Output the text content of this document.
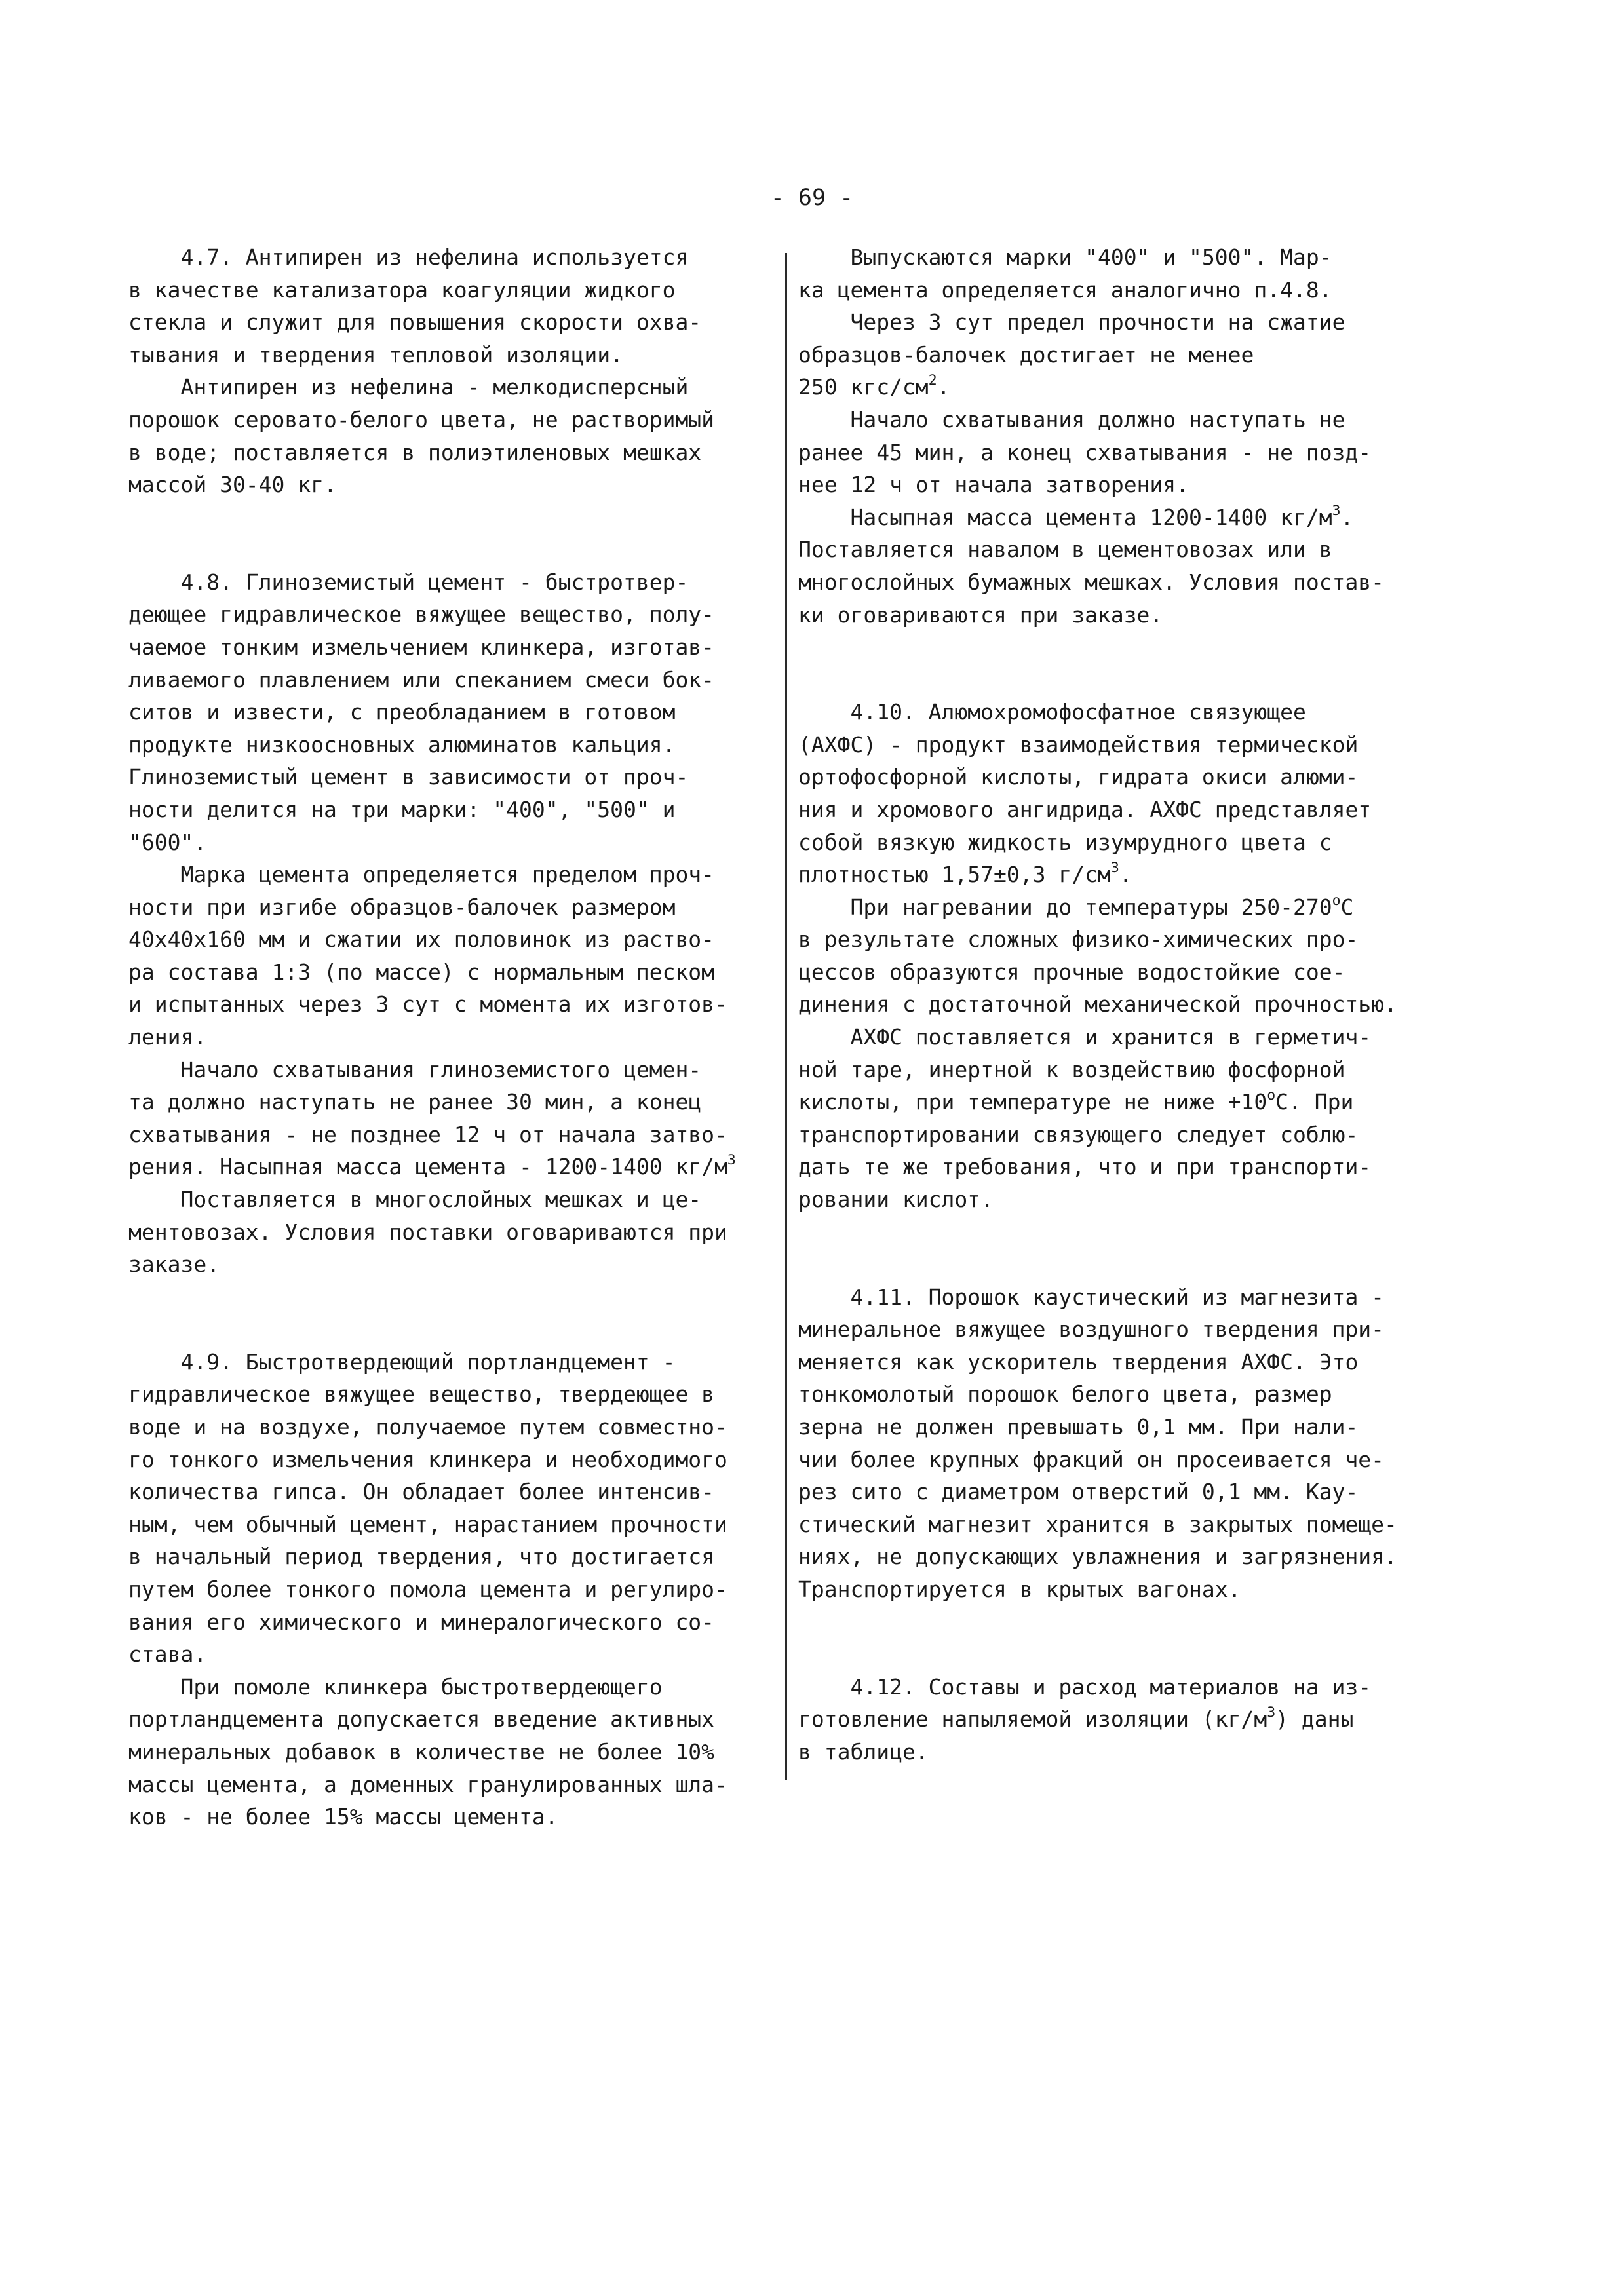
- 69 -
4.7. Антипирен из нефелина используется
в качестве катализатора коагуляции жидкого
стекла и служит для повышения скорости охва-
тывания и твердения тепловой изоляции.
Антипирен из нефелина - мелкодисперсный
порошок серовато-белого цвета, не растворимый
в воде; поставляется в полиэтиленовых мешках
массой 30-40 кг.
4.8. Глиноземистый цемент - быстротвер-
деющее гидравлическое вяжущее вещество, полу-
чаемое тонким измельчением клинкера, изготав-
ливаемого плавлением или спеканием смеси бок-
ситов и извести, с преобладанием в готовом
продукте низкоосновных алюминатов кальция.
Глиноземистый цемент в зависимости от проч-
ности делится на три марки: "400", "500" и
"600".
Марка цемента определяется пределом проч-
ности при изгибе образцов-балочек размером
40x40x160 мм и сжатии их половинок из раство-
ра состава 1:3 (по массе) с нормальным песком
и испытанных через 3 сут с момента их изготов-
ления.
Начало схватывания глиноземистого цемен-
та должно наступать не ранее 30 мин, а конец
схватывания - не позднее 12 ч от начала затво-
рения. Насыпная масса цемента - 1200-1400 $кг/м^3$
Поставляется в многослойных мешках и це-
ментовозах. Условия поставки оговариваются при
заказе.
4.9. Быстротвердеющий портландцемент -
гидравлическое вяжущее вещество, твердеющее в
воде и на воздухе, получаемое путем совместно-
го тонкого измельчения клинкера и необходимого
количества гипса. Он обладает более интенсив-
ным, чем обычный цемент, нарастанием прочности
в начальный период твердения, что достигается
путем более тонкого помола цемента и регулиро-
вания его химического и минералогического со-
става.
При помоле клинкера быстротвердеющего
портландцемента допускается введение активных
минеральных добавок в количестве не более 10%
массы цемента, а доменных гранулированных шла-
ков - не более 15% массы цемента.
Выпускаются марки "400" и "500". Мар-
ка цемента определяется аналогично п.4.8.
Через 3 сут предел прочности на сжатие
образцов-балочек достигает не менее
250 кгс/$см^2$.
Начало схватывания должно наступать не
ранее 45 мин, а конец схватывания - не позд-
нее 12 ч от начала затворения.
Насыпная масса цемента 1200-1400 $кг/м^3$.
Поставляется навалом в цементовозах или в
многослойных бумажных мешках. Условия постав-
ки оговариваются при заказе.
4.10. Алюмохромофосфатное связующее
(АХФС) - продукт взаимодействия термической
ортофосфорной кислоты, гидрата окиси алюми-
ния и хромового ангидрида. АХФС представляет
собой вязкую жидкость изумрудного цвета с
плотностью 1,57±0,3 $г/см^3$.
При нагревании до температуры 250-270$^o$C
в результате сложных физико-химических про-
цессов образуются прочные водостойкие сое-
динения с достаточной механической прочностью.
АХФС поставляется и хранится в герметич-
ной таре, инертной к воздействию фосфорной
кислоты, при температуре не ниже $+10^oC$. При
транспортировании связующего следует соблю-
дать те же требования, что и при транспорти-
ровании кислот.
4.11. Порошок каустический из магнезита -
минеральное вяжущее воздушного твердения при-
меняется как ускоритель твердения АХФС. Это
тонкомолотый порошок белого цвета, размер
зерна не должен превышать 0,1 мм. При нали-
чии более крупных фракций он просеивается че-
рез сито с диаметром отверстий 0,1 мм. Кау-
стический магнезит хранится в закрытых помеще-
ниях, не допускающих увлажнения и загрязнения.
Транспортируется в крытых вагонах.
4.12. Составы и расход материалов на из-
готовление напыляемой изоляции $(кг/м^3)$ даны
в таблице.
